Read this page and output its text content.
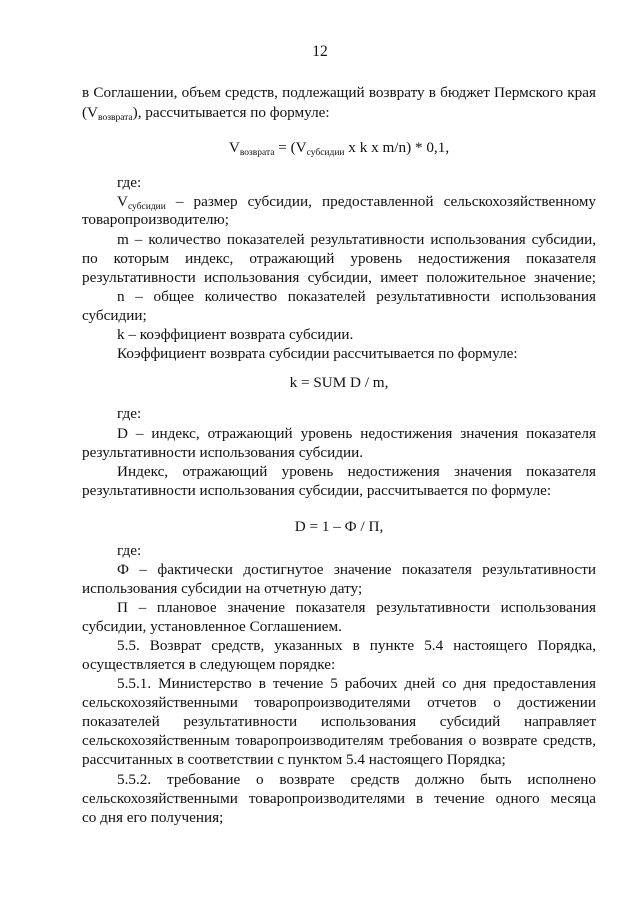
12
в Соглашении, объем средств, подлежащий возврату в бюджет Пермского края
$(V_{возврата})$, рассчитывается по формуле:
$V_{возврата} = (V_{субсидии}$ x k x m/n) * 0,1,
где:
$V_{субсидии}$ – размер субсидии, предоставленной сельскохозяйственному
товаропроизводителю;
m – количество показателей результативности использования субсидии,
по которым индекс, отражающий уровень недостижения показателя
результативности использования субсидии, имеет положительное значение;
n – общее количество показателей результативности использования
субсидии;
k – коэффициент возврата субсидии.
Коэффициент возврата субсидии рассчитывается по формуле:
k = SUM D / m,
где:
D – индекс, отражающий уровень недостижения значения показателя
результативности использования субсидии.
Индекс, отражающий уровень недостижения значения показателя
результативности использования субсидии, рассчитывается по формуле:
D = 1 – Ф / П,
где:
Ф – фактически достигнутое значение показателя результативности
использования субсидии на отчетную дату;
П – плановое значение показателя результативности использования
субсидии, установленное Соглашением.
5.5. Возврат средств, указанных в пункте 5.4 настоящего Порядка,
осуществляется в следующем порядке:
5.5.1. Министерство в течение 5 рабочих дней со дня предоставления
сельскохозяйственными товаропроизводителями отчетов о достижении
показателей результативности использования субсидий направляет
сельскохозяйственным товаропроизводителям требования о возврате средств,
рассчитанных в соответствии с пунктом 5.4 настоящего Порядка;
5.5.2. требование о возврате средств должно быть исполнено
сельскохозяйственными товаропроизводителями в течение одного месяца
со дня его получения;
